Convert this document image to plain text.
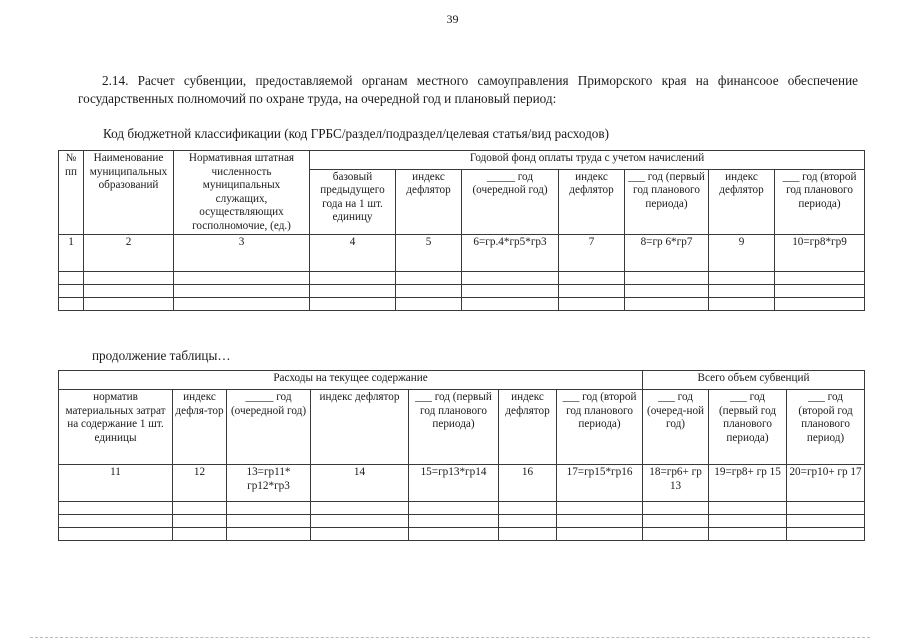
39
2.14. Расчет субвенции, предоставляемой органам местного самоуправления Приморского края на финансоое обеспечение государственных полномочий по охране труда, на очередной год и плановый период:
Код бюджетной классификации (код ГРБС/раздел/подраздел/целевая статья/вид расходов)
№ пп	Наименование муниципальных образований	Нормативная штатная численность муниципальных служащих, осуществляющих госполномочие, (ед.)	Годовой фонд оплаты труда с учетом начислений						
			базовый предыдущего года на 1 шт. единицу	индекс дефлятор	_____ год (очередной год)	индекс дефлятор	___ год (первый год планового периода)	индекс дефлятор	___ год (второй год планового периода)
1	2	3	4	5	6=гр.4*гр5*гр3	7	8=гр 6*гр7	9	10=гр8*гр9

продолжение таблицы…
Расходы на текущее содержание							Всего объем субвенций		
норматив материальных затрат на содержание 1 шт. единицы	индекс дефля-тор	_____ год (очередной год)	индекс дефлятор	___ год (первый год планового периода)	индекс дефлятор	___ год (второй год планового периода)	___ год (очеред-ной год)	___ год (первый год планового периода)	___ год (второй год планового период)
11	12	13=гр11* гр12*гр3	14	15=гр13*гр14	16	17=гр15*гр16	18=гр6+ гр 13	19=гр8+ гр 15	20=гр10+ гр 17
